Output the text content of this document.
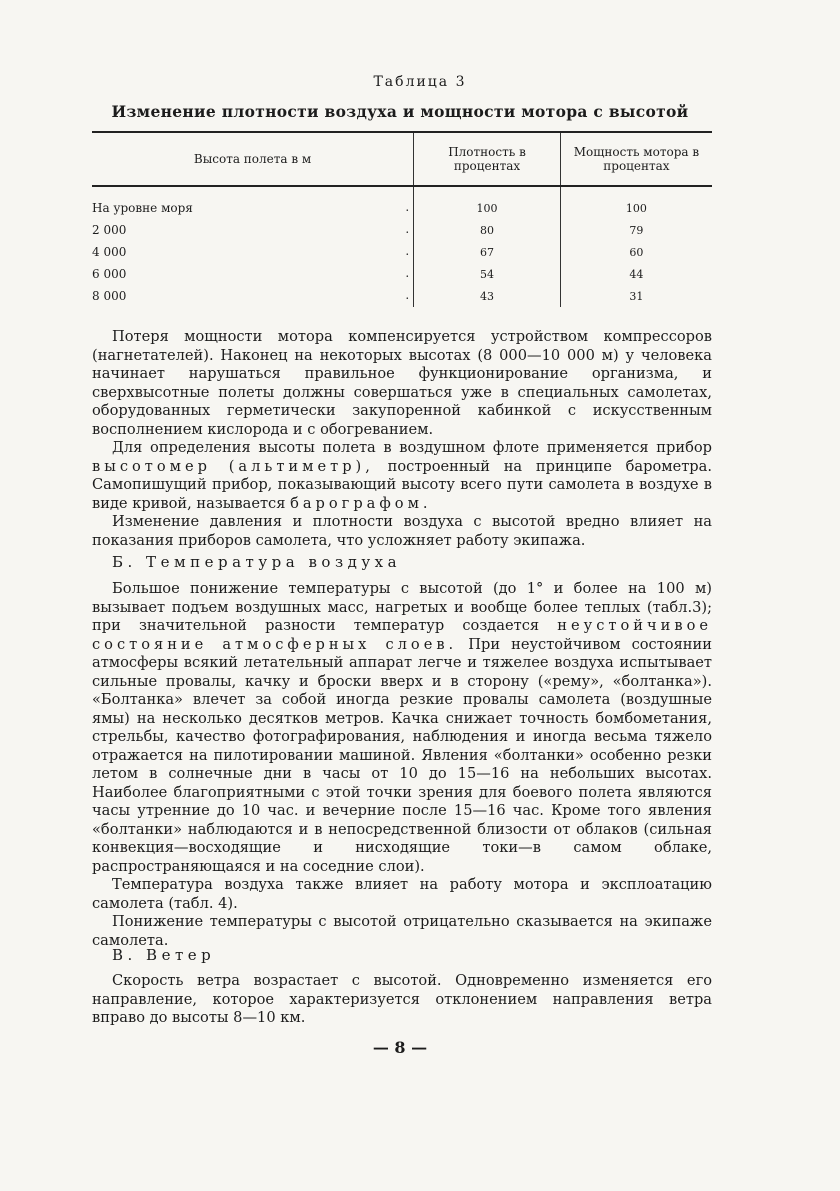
Таблица 3
Изменение плотности воздуха и мощности мотора с высотой
Высота полета в м	Плотность в процентах	Мощность мотора в процентах

На уровне моря .	100	100
2 000 .	80	79
4 000 .	67	60
6 000 .	54	44
8 000 .	43	31

Потеря мощности мотора компенсируется устройством компрессоров (нагнетателей). Наконец на некоторых высотах (8 000—10 000 м) у человека начинает нарушаться правильное функционирование организма, и сверхвысотные полеты должны совершаться уже в специальных самолетах, оборудованных герметически закупоренной кабинкой с искусственным восполнением кислорода и с обогреванием.

Для определения высоты полета в воздушном флоте применяется прибор высотомер (альтиметр), построенный на принципе барометра. Самопишущий прибор, показывающий высоту всего пути самолета в воздухе в виде кривой, называется барографом.

Изменение давления и плотности воздуха с высотой вредно влияет на показания приборов самолета, что усложняет работу экипажа.

Б. Температура воздуха

Большое понижение температуры с высотой (до 1° и более на 100 м) вызывает подъем воздушных масс, нагретых и вообще более теплых (табл.3); при значительной разности температур создается неустойчивое состояние атмосферных слоев. При неустойчивом состоянии атмосферы всякий летательный аппарат легче и тяжелее воздуха испытывает сильные провалы, качку и броски вверх и в сторону («рему», «болтанка»). «Болтанка» влечет за собой иногда резкие провалы самолета (воздушные ямы) на несколько десятков метров. Качка снижает точность бомбометания, стрельбы, качество фотографирования, наблюдения и иногда весьма тяжело отражается на пилотировании машиной. Явления «болтанки» особенно резки летом в солнечные дни в часы от 10 до 15—16 на небольших высотах. Наиболее благоприятными с этой точки зрения для боевого полета являются часы утренние до 10 час. и вечерние после 15—16 час. Кроме того явления «болтанки» наблюдаются и в непосредственной близости от облаков (сильная конвекция—восходящие и нисходящие токи—в самом облаке, распространяющаяся и на соседние слои).

Температура воздуха также влияет на работу мотора и эксплоатацию самолета (табл. 4).

Понижение температуры с высотой отрицательно сказывается на экипаже самолета.

В. Ветер

Скорость ветра возрастает с высотой. Одновременно изменяется его направление, которое характеризуется отклонением направления ветра вправо до высоты 8—10 км.

— 8 —
